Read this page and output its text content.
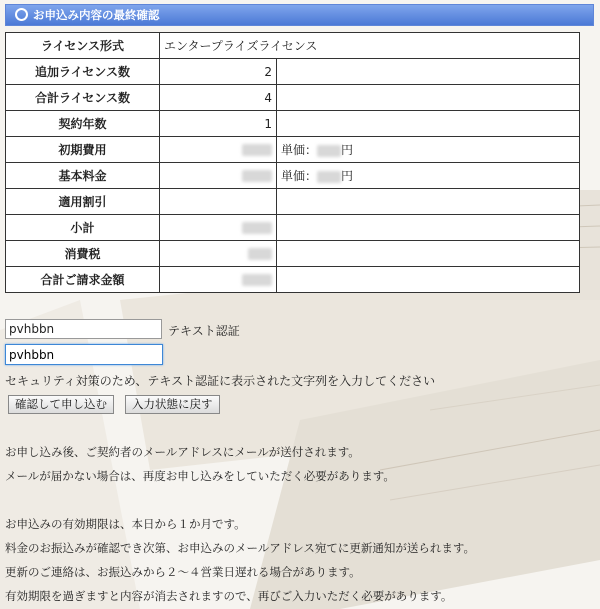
お申込み内容の最終確認
ライセンス形式	エンタープライズライセンス	
追加ライセンス数	2	
合計ライセンス数	4	
契約年数	1	
初期費用		単価： 円
基本料金		単価： 円
適用割引		
小計		
消費税		
合計ご請求金額		
pvhbbn	テキスト認証
pvhbbn
セキュリティ対策のため、テキスト認証に表示された文字列を入力してください
確認して申し込む	入力状態に戻す

お申し込み後、ご契約者のメールアドレスにメールが送付されます。

メールが届かない場合は、再度お申し込みをしていただく必要があります。

お申込みの有効期限は、本日から１か月です。

料金のお振込みが確認でき次第、お申込みのメールアドレス宛てに更新通知が送られます。

更新のご連絡は、お振込みから２～４営業日遅れる場合があります。

有効期限を過ぎますと内容が消去されますので、再びご入力いただく必要があります。
